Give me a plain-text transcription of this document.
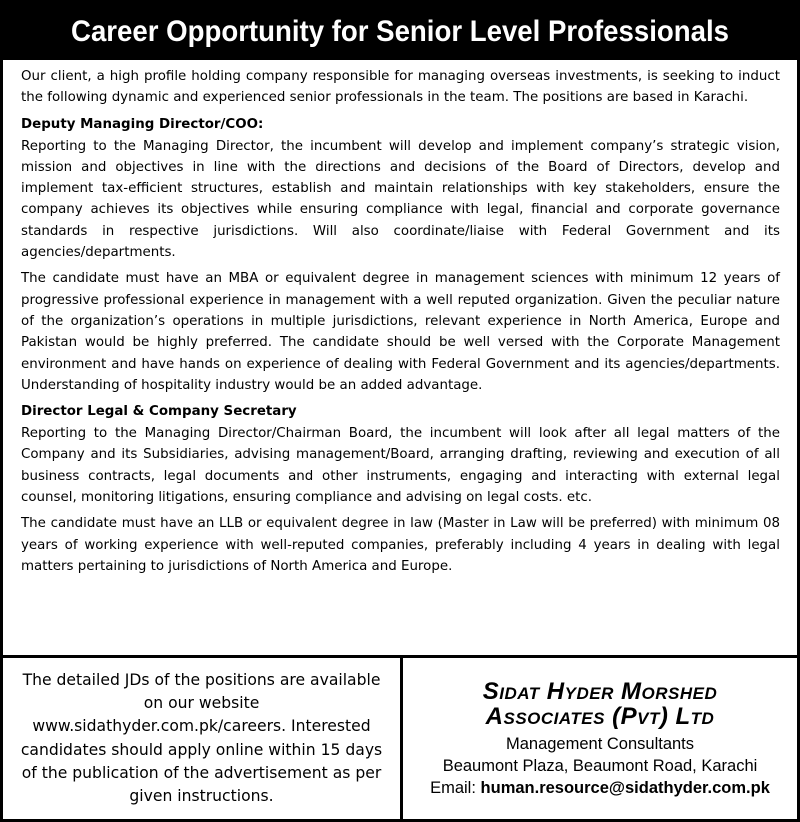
Career Opportunity for Senior Level Professionals

Our client, a high profile holding company responsible for managing overseas investments, is seeking to induct the following dynamic and experienced senior professionals in the team. The positions are based in Karachi.

Deputy Managing Director/COO:

Reporting to the Managing Director, the incumbent will develop and implement company’s strategic vision, mission and objectives in line with the directions and decisions of the Board of Directors, develop and implement tax-efficient structures, establish and maintain relationships with key stakeholders, ensure the company achieves its objectives while ensuring compliance with legal, financial and corporate governance standards in respective jurisdictions. Will also coordinate/liaise with Federal Government and its agencies/departments.

The candidate must have an MBA or equivalent degree in management sciences with minimum 12 years of progressive professional experience in management with a well reputed organization. Given the peculiar nature of the organization’s operations in multiple jurisdictions, relevant experience in North America, Europe and Pakistan would be highly preferred. The candidate should be well versed with the Corporate Management environment and have hands on experience of dealing with Federal Government and its agencies/departments. Understanding of hospitality industry would be an added advantage.

Director Legal & Company Secretary

Reporting to the Managing Director/Chairman Board, the incumbent will look after all legal matters of the Company and its Subsidiaries, advising management/Board, arranging drafting, reviewing and execution of all business contracts, legal documents and other instruments, engaging and interacting with external legal counsel, monitoring litigations, ensuring compliance and advising on legal costs. etc.

The candidate must have an LLB or equivalent degree in law (Master in Law will be preferred) with minimum 08 years of working experience with well-reputed companies, preferably including 4 years in dealing with legal matters pertaining to jurisdictions of North America and Europe.

The detailed JDs of the positions are available on our website www.sidathyder.com.pk/careers. Interested candidates should apply online within 15 days of the publication of the advertisement as per given instructions.
Sidat Hyder Morshed
Associates (Pvt) Ltd
Management Consultants
Beaumont Plaza, Beaumont Road, Karachi
Email: human.resource@sidathyder.com.pk
